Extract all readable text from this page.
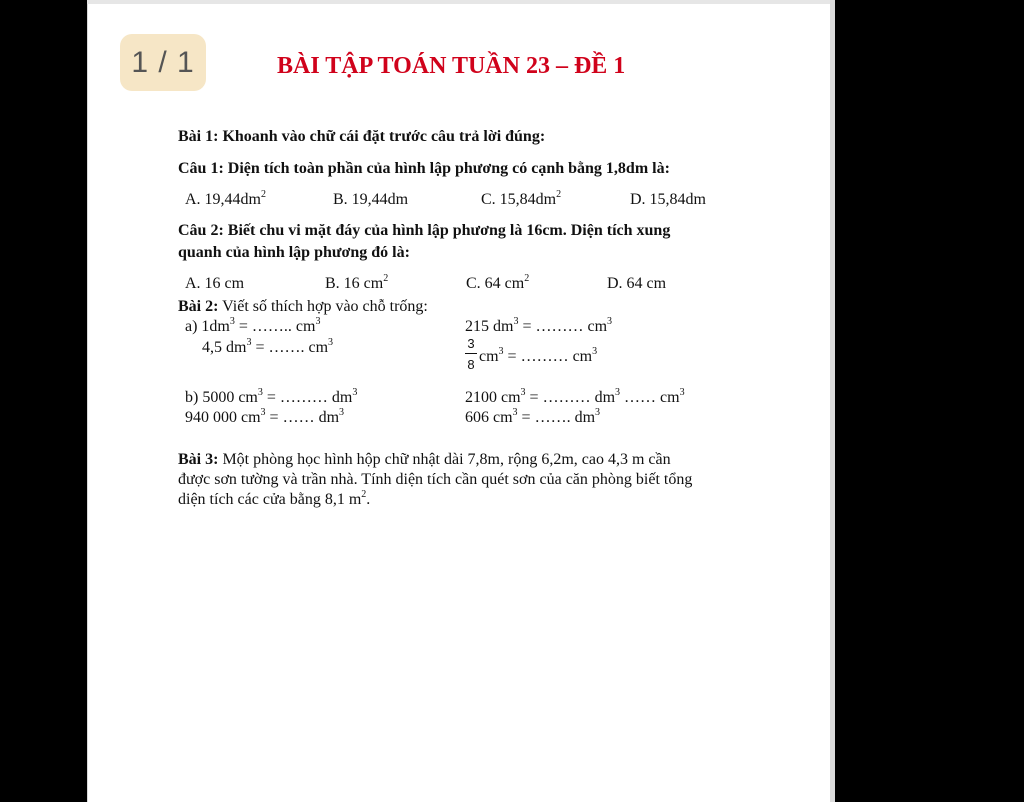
1 / 1	BÀI TẬP TOÁN TUẦN 23 – ĐỀ 1
Bài 1: Khoanh vào chữ cái đặt trước câu trả lời đúng:
Câu 1: Diện tích toàn phần của hình lập phương có cạnh bằng 1,8dm là:
A. $19,44dm^2$	B. 19,44dm	C. $15,84dm^2$	D. 15,84dm
Câu 2: Biết chu vi mặt đáy của hình lập phương là 16cm. Diện tích xung
quanh của hình lập phương đó là:
A. 16 cm	B. 16 $cm^2$	C. 64 $cm^2$	D. 64 cm
Bài 2: Viết số thích hợp vào chỗ trống:
a) $1dm^3$ = …….. $cm^3$	215 $dm^3$ = ……… $cm^3$
4,5 $dm^3$ = ……. $cm^3$	$\frac{3}{8} cm^3$ = ……… $cm^3$
b) 5000 $cm^3$ = ……… $dm^3$	2100 $cm^3$ = ……… $dm^3$ …… $cm^3$
940 000 $cm^3$ = …… $dm^3$	606 $cm^3$ = ……. $dm^3$
Bài 3: Một phòng học hình hộp chữ nhật dài 7,8m, rộng 6,2m, cao 4,3 m cần
được sơn tường và trần nhà. Tính diện tích cần quét sơn của căn phòng biết tổng
diện tích các cửa bằng 8,1 $m^2$.
